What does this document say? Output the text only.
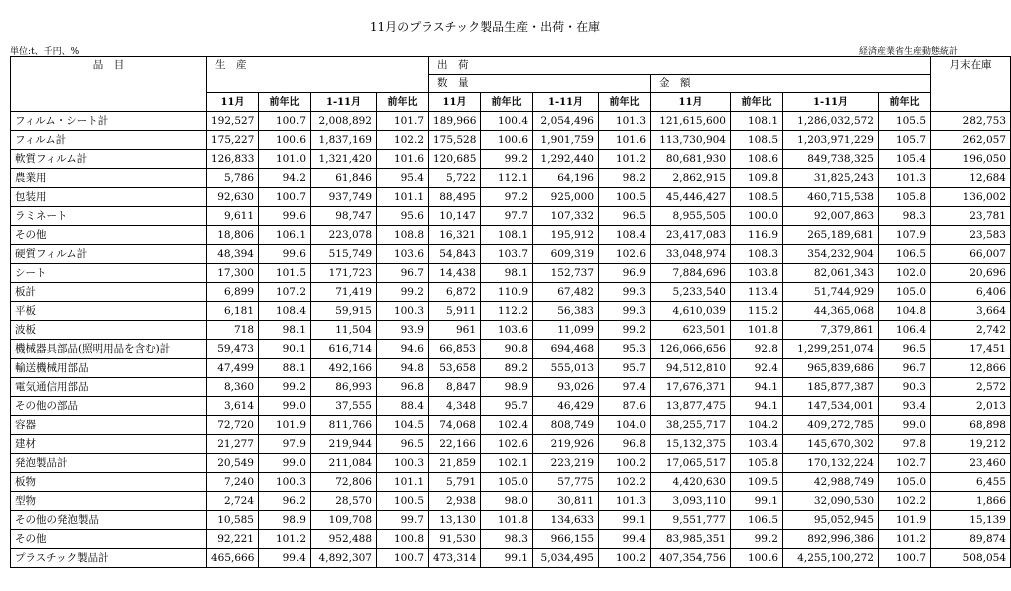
11月のプラスチック製品生産・出荷・在庫
単位:t、千円、%	経済産業省生産動態統計
品　目	生　産				出　荷								月末在庫
					数　量				金　額				
	11月	前年比	1-11月	前年比	11月	前年比	1-11月	前年比	11月	前年比	1-11月	前年比	
フィルム・シート計	192,527	100.7	2,008,892	101.7	189,966	100.4	2,054,496	101.3	121,615,600	108.1	1,286,032,572	105.5	282,753
フィルム計	175,227	100.6	1,837,169	102.2	175,528	100.6	1,901,759	101.6	113,730,904	108.5	1,203,971,229	105.7	262,057
軟質フィルム計	126,833	101.0	1,321,420	101.6	120,685	99.2	1,292,440	101.2	80,681,930	108.6	849,738,325	105.4	196,050
農業用	5,786	94.2	61,846	95.4	5,722	112.1	64,196	98.2	2,862,915	109.8	31,825,243	101.3	12,684
包装用	92,630	100.7	937,749	101.1	88,495	97.2	925,000	100.5	45,446,427	108.5	460,715,538	105.8	136,002
ラミネート	9,611	99.6	98,747	95.6	10,147	97.7	107,332	96.5	8,955,505	100.0	92,007,863	98.3	23,781
その他	18,806	106.1	223,078	108.8	16,321	108.1	195,912	108.4	23,417,083	116.9	265,189,681	107.9	23,583
硬質フィルム計	48,394	99.6	515,749	103.6	54,843	103.7	609,319	102.6	33,048,974	108.3	354,232,904	106.5	66,007
シート	17,300	101.5	171,723	96.7	14,438	98.1	152,737	96.9	7,884,696	103.8	82,061,343	102.0	20,696
板計	6,899	107.2	71,419	99.2	6,872	110.9	67,482	99.3	5,233,540	113.4	51,744,929	105.0	6,406
平板	6,181	108.4	59,915	100.3	5,911	112.2	56,383	99.3	4,610,039	115.2	44,365,068	104.8	3,664
波板	718	98.1	11,504	93.9	961	103.6	11,099	99.2	623,501	101.8	7,379,861	106.4	2,742
機械器具部品(照明用品を含む)計	59,473	90.1	616,714	94.6	66,853	90.8	694,468	95.3	126,066,656	92.8	1,299,251,074	96.5	17,451
輸送機械用部品	47,499	88.1	492,166	94.8	53,658	89.2	555,013	95.7	94,512,810	92.4	965,839,686	96.7	12,866
電気通信用部品	8,360	99.2	86,993	96.8	8,847	98.9	93,026	97.4	17,676,371	94.1	185,877,387	90.3	2,572
その他の部品	3,614	99.0	37,555	88.4	4,348	95.7	46,429	87.6	13,877,475	94.1	147,534,001	93.4	2,013
容器	72,720	101.9	811,766	104.5	74,068	102.4	808,749	104.0	38,255,717	104.2	409,272,785	99.0	68,898
建材	21,277	97.9	219,944	96.5	22,166	102.6	219,926	96.8	15,132,375	103.4	145,670,302	97.8	19,212
発泡製品計	20,549	99.0	211,084	100.3	21,859	102.1	223,219	100.2	17,065,517	105.8	170,132,224	102.7	23,460
板物	7,240	100.3	72,806	101.1	5,791	105.0	57,775	102.2	4,420,630	109.5	42,988,749	105.0	6,455
型物	2,724	96.2	28,570	100.5	2,938	98.0	30,811	101.3	3,093,110	99.1	32,090,530	102.2	1,866
その他の発泡製品	10,585	98.9	109,708	99.7	13,130	101.8	134,633	99.1	9,551,777	106.5	95,052,945	101.9	15,139
その他	92,221	101.2	952,488	100.8	91,530	98.3	966,155	99.4	83,985,351	99.2	892,996,386	101.2	89,874
プラスチック製品計	465,666	99.4	4,892,307	100.7	473,314	99.1	5,034,495	100.2	407,354,756	100.6	4,255,100,272	100.7	508,054
